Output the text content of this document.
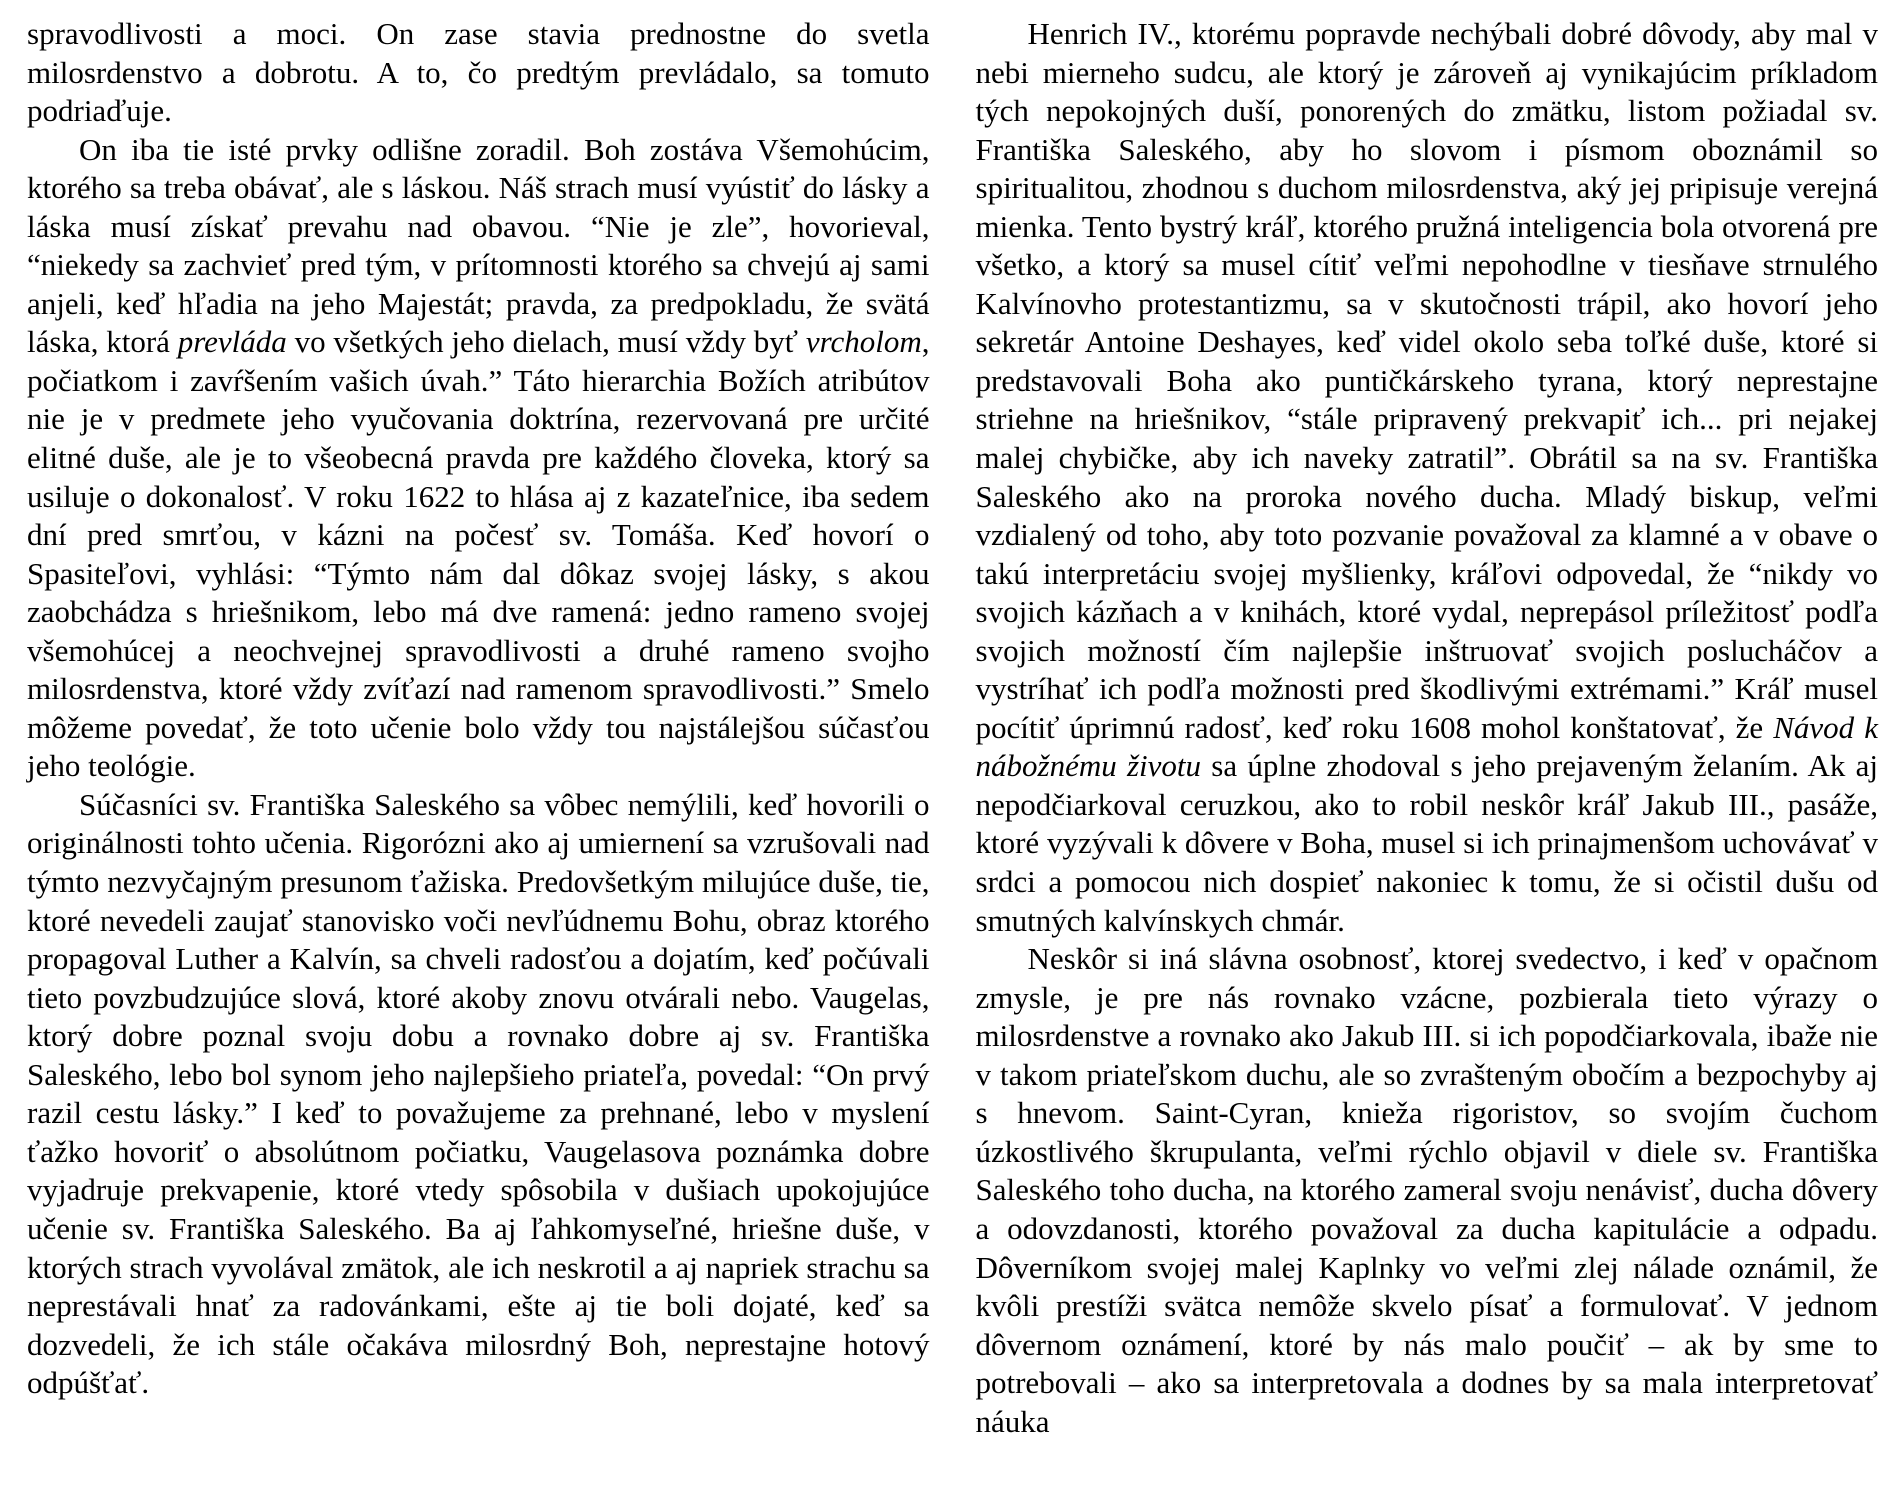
spravodlivosti a moci. On zase stavia prednostne do svetla milosrdenstvo a dobrotu. A to, čo predtým prevládalo, sa tomuto podriaďuje.

On iba tie isté prvky odlišne zoradil. Boh zostáva Všemohúcim, ktorého sa treba obávať, ale s láskou. Náš strach musí vyústiť do lásky a láska musí získať prevahu nad obavou. “Nie je zle”, hovorieval, “niekedy sa zachvieť pred tým, v prítomnosti ktorého sa chvejú aj sami anjeli, keď hľadia na jeho Majestát; pravda, za predpokladu, že svätá láska, ktorá prevláda vo všetkých jeho dielach, musí vždy byť vrcholom, počiatkom i zavŕšením vašich úvah.” Táto hierarchia Božích atribútov nie je v predmete jeho vyučovania doktrína, rezervovaná pre určité elitné duše, ale je to všeobecná pravda pre každého človeka, ktorý sa usiluje o dokonalosť. V roku 1622 to hlása aj z kazateľnice, iba sedem dní pred smrťou, v kázni na počesť sv. Tomáša. Keď hovorí o Spasiteľovi, vyhlási: “Týmto nám dal dôkaz svojej lásky, s akou zaobchádza s hriešnikom, lebo má dve ramená: jedno rameno svojej všemohúcej a neochvejnej spravodlivosti a druhé rameno svojho milosrdenstva, ktoré vždy zvíťazí nad ramenom spravodlivosti.” Smelo môžeme povedať, že toto učenie bolo vždy tou najstálejšou súčasťou jeho teológie.

Súčasníci sv. Františka Saleského sa vôbec nemýlili, keď hovorili o originálnosti tohto učenia. Rigorózni ako aj umiernení sa vzrušovali nad týmto nezvyčajným presunom ťažiska. Predovšetkým milujúce duše, tie, ktoré nevedeli zaujať stanovisko voči nevľúdnemu Bohu, obraz ktorého propagoval Luther a Kalvín, sa chveli radosťou a dojatím, keď počúvali tieto povzbudzujúce slová, ktoré akoby znovu otvárali nebo. Vaugelas, ktorý dobre poznal svoju dobu a rovnako dobre aj sv. Františka Saleského, lebo bol synom jeho najlepšieho priateľa, povedal: “On prvý razil cestu lásky.” I keď to považujeme za prehnané, lebo v myslení ťažko hovoriť o absolútnom počiatku, Vaugelasova poznámka dobre vyjadruje prekvapenie, ktoré vtedy spôsobila v dušiach upokojujúce učenie sv. Františka Saleského. Ba aj ľahkomyseľné, hriešne duše, v ktorých strach vyvolával zmätok, ale ich neskrotil a aj napriek strachu sa neprestávali hnať za radovánkami, ešte aj tie boli dojaté, keď sa dozvedeli, že ich stále očakáva milosrdný Boh, neprestajne hotový odpúšťať.

Henrich IV., ktorému popravde nechýbali dobré dôvody, aby mal v nebi mierneho sudcu, ale ktorý je zároveň aj vynikajúcim príkladom tých nepokojných duší, ponorených do zmätku, listom požiadal sv. Františka Saleského, aby ho slovom i písmom oboznámil so spiritualitou, zhodnou s duchom milosrdenstva, aký jej pripisuje verejná mienka. Tento bystrý kráľ, ktorého pružná inteligencia bola otvorená pre všetko, a ktorý sa musel cítiť veľmi nepohodlne v tiesňave strnulého Kalvínovho protestantizmu, sa v skutočnosti trápil, ako hovorí jeho sekretár Antoine Deshayes, keď videl okolo seba toľké duše, ktoré si predstavovali Boha ako puntičkárskeho tyrana, ktorý neprestajne striehne na hriešnikov, “stále pripravený prekvapiť ich... pri nejakej malej chybičke, aby ich naveky zatratil”. Obrátil sa na sv. Františka Saleského ako na proroka nového ducha. Mladý biskup, veľmi vzdialený od toho, aby toto pozvanie považoval za klamné a v obave o takú interpretáciu svojej myšlienky, kráľovi odpovedal, že “nikdy vo svojich kázňach a v knihách, ktoré vydal, neprepásol príležitosť podľa svojich možností čím najlepšie inštruovať svojich poslucháčov a vystríhať ich podľa možnosti pred škodlivými extrémami.” Kráľ musel pocítiť úprimnú radosť, keď roku 1608 mohol konštatovať, že Návod k nábožnému životu sa úplne zhodoval s jeho prejaveným želaním. Ak aj nepodčiarkoval ceruzkou, ako to robil neskôr kráľ Jakub III., pasáže, ktoré vyzývali k dôvere v Boha, musel si ich prinajmenšom uchovávať v srdci a pomocou nich dospieť nakoniec k tomu, že si očistil dušu od smutných kalvínskych chmár.

Neskôr si iná slávna osobnosť, ktorej svedectvo, i keď v opačnom zmysle, je pre nás rovnako vzácne, pozbierala tieto výrazy o milosrdenstve a rovnako ako Jakub III. si ich popodčiarkovala, ibaže nie v takom priateľskom duchu, ale so zvrašteným obočím a bezpochyby aj s hnevom. Saint-Cyran, knieža rigoristov, so svojím čuchom úzkostlivého škrupulanta, veľmi rýchlo objavil v diele sv. Františka Saleského toho ducha, na ktorého zameral svoju nenávisť, ducha dôvery a odovzdanosti, ktorého považoval za ducha kapitulácie a odpadu. Dôverníkom svojej malej Kaplnky vo veľmi zlej nálade oznámil, že kvôli prestíži svätca nemôže skvelo písať a formulovať. V jednom dôvernom oznámení, ktoré by nás malo poučiť – ak by sme to potrebovali – ako sa interpretovala a dodnes by sa mala interpretovať náuka
